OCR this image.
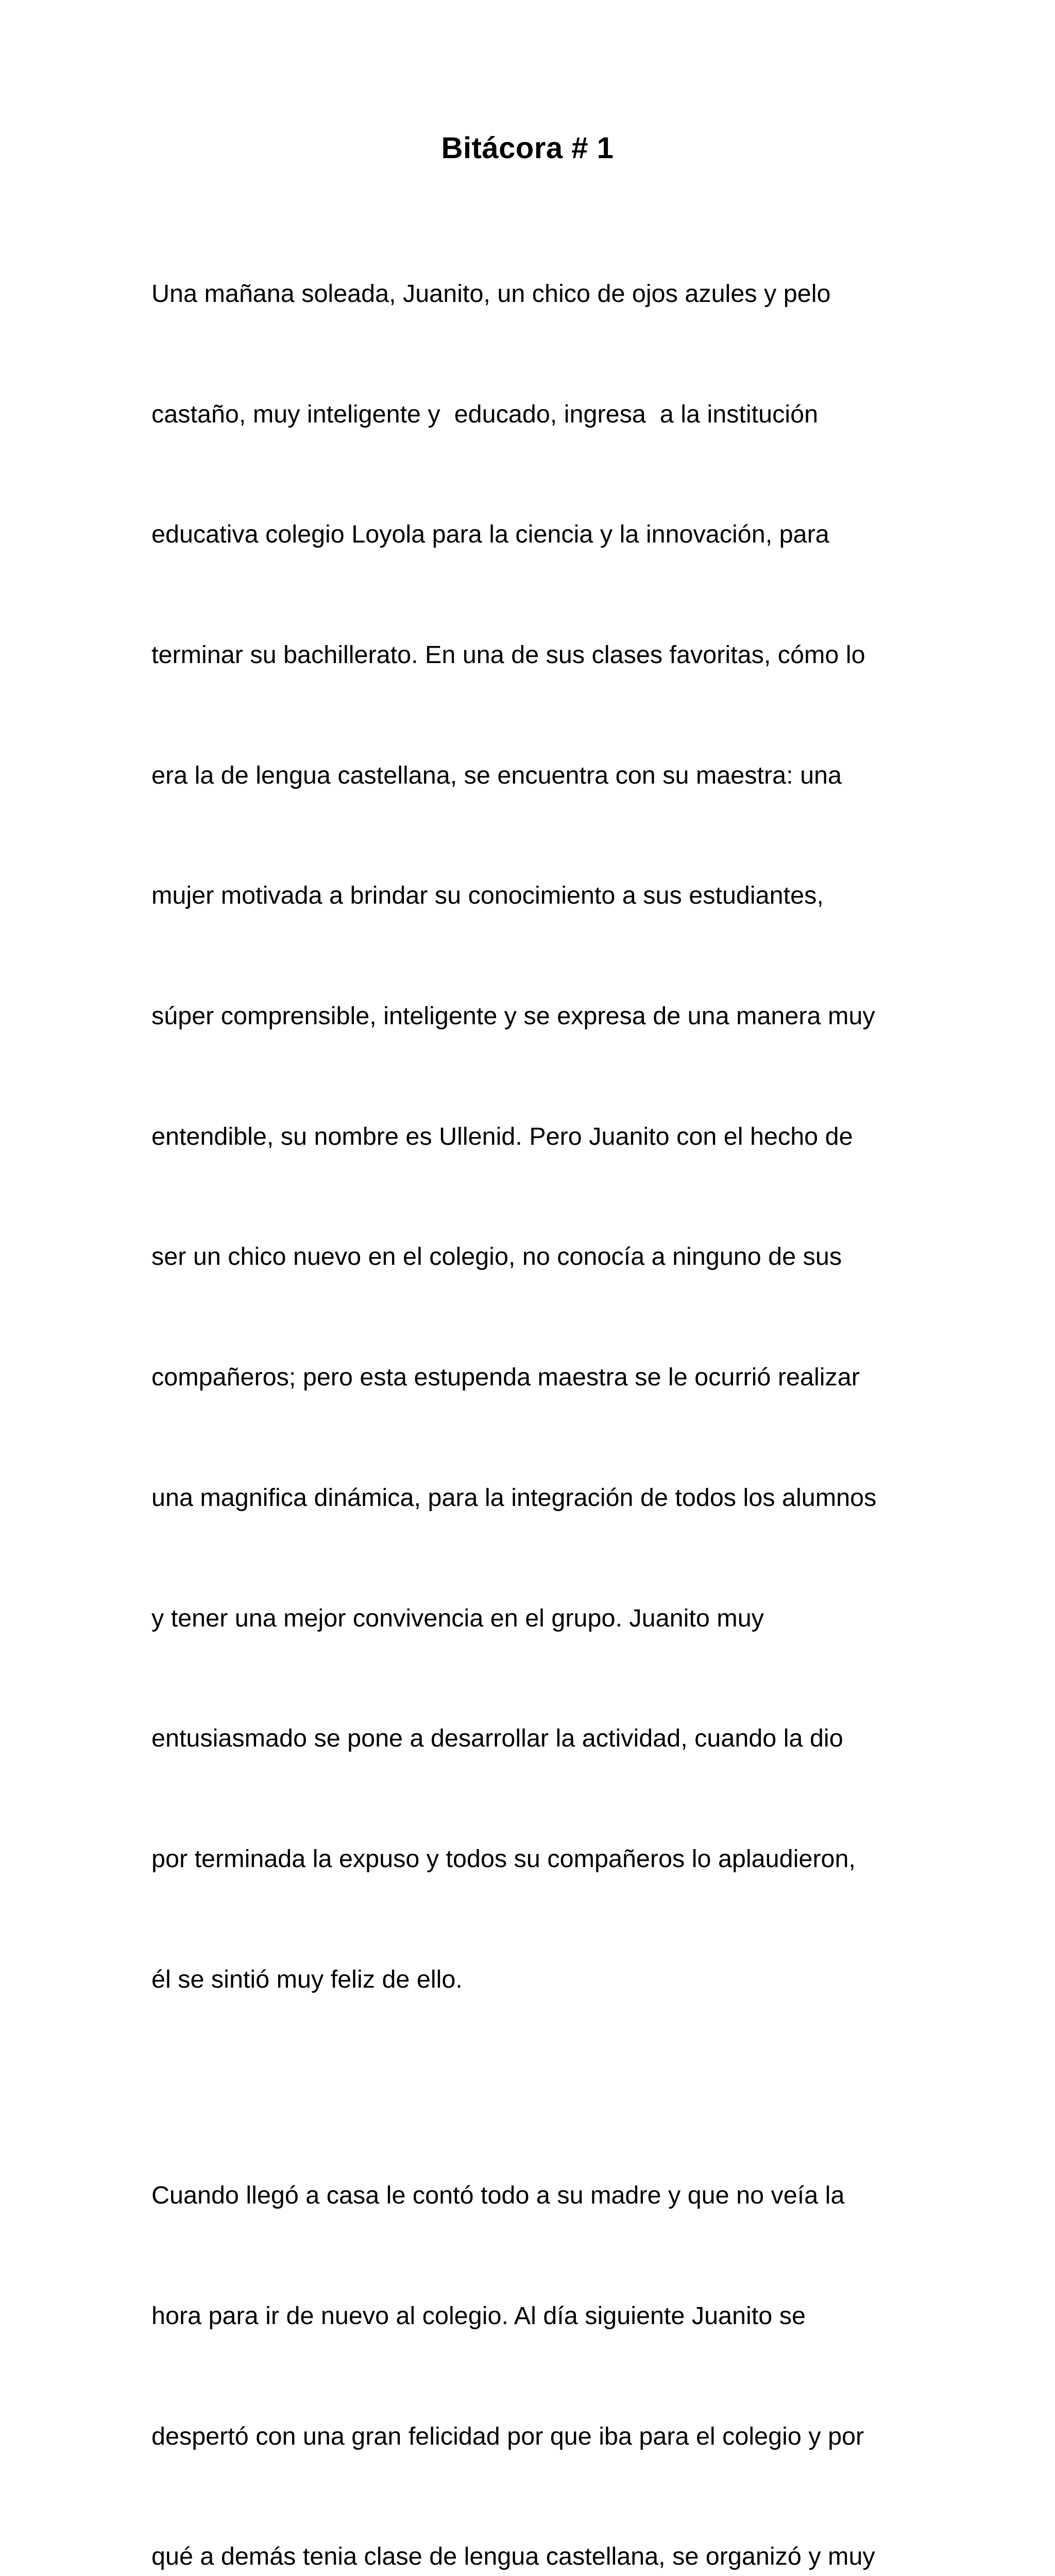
Bitácora # 1

Una mañana soleada, Juanito, un chico de ojos azules y pelo

castaño, muy inteligente y  educado, ingresa  a la institución

educativa colegio Loyola para la ciencia y la innovación, para

terminar su bachillerato. En una de sus clases favoritas, cómo lo

era la de lengua castellana, se encuentra con su maestra: una

mujer motivada a brindar su conocimiento a sus estudiantes,

súper comprensible, inteligente y se expresa de una manera muy

entendible, su nombre es Ullenid. Pero Juanito con el hecho de

ser un chico nuevo en el colegio, no conocía a ninguno de sus

compañeros; pero esta estupenda maestra se le ocurrió realizar

una magnifica dinámica, para la integración de todos los alumnos

y tener una mejor convivencia en el grupo. Juanito muy

entusiasmado se pone a desarrollar la actividad, cuando la dio

por terminada la expuso y todos su compañeros lo aplaudieron,

él se sintió muy feliz de ello.

Cuando llegó a casa le contó todo a su madre y que no veía la

hora para ir de nuevo al colegio. Al día siguiente Juanito se

despertó con una gran felicidad por que iba para el colegio y por

qué a demás tenia clase de lengua castellana, se organizó y muy
